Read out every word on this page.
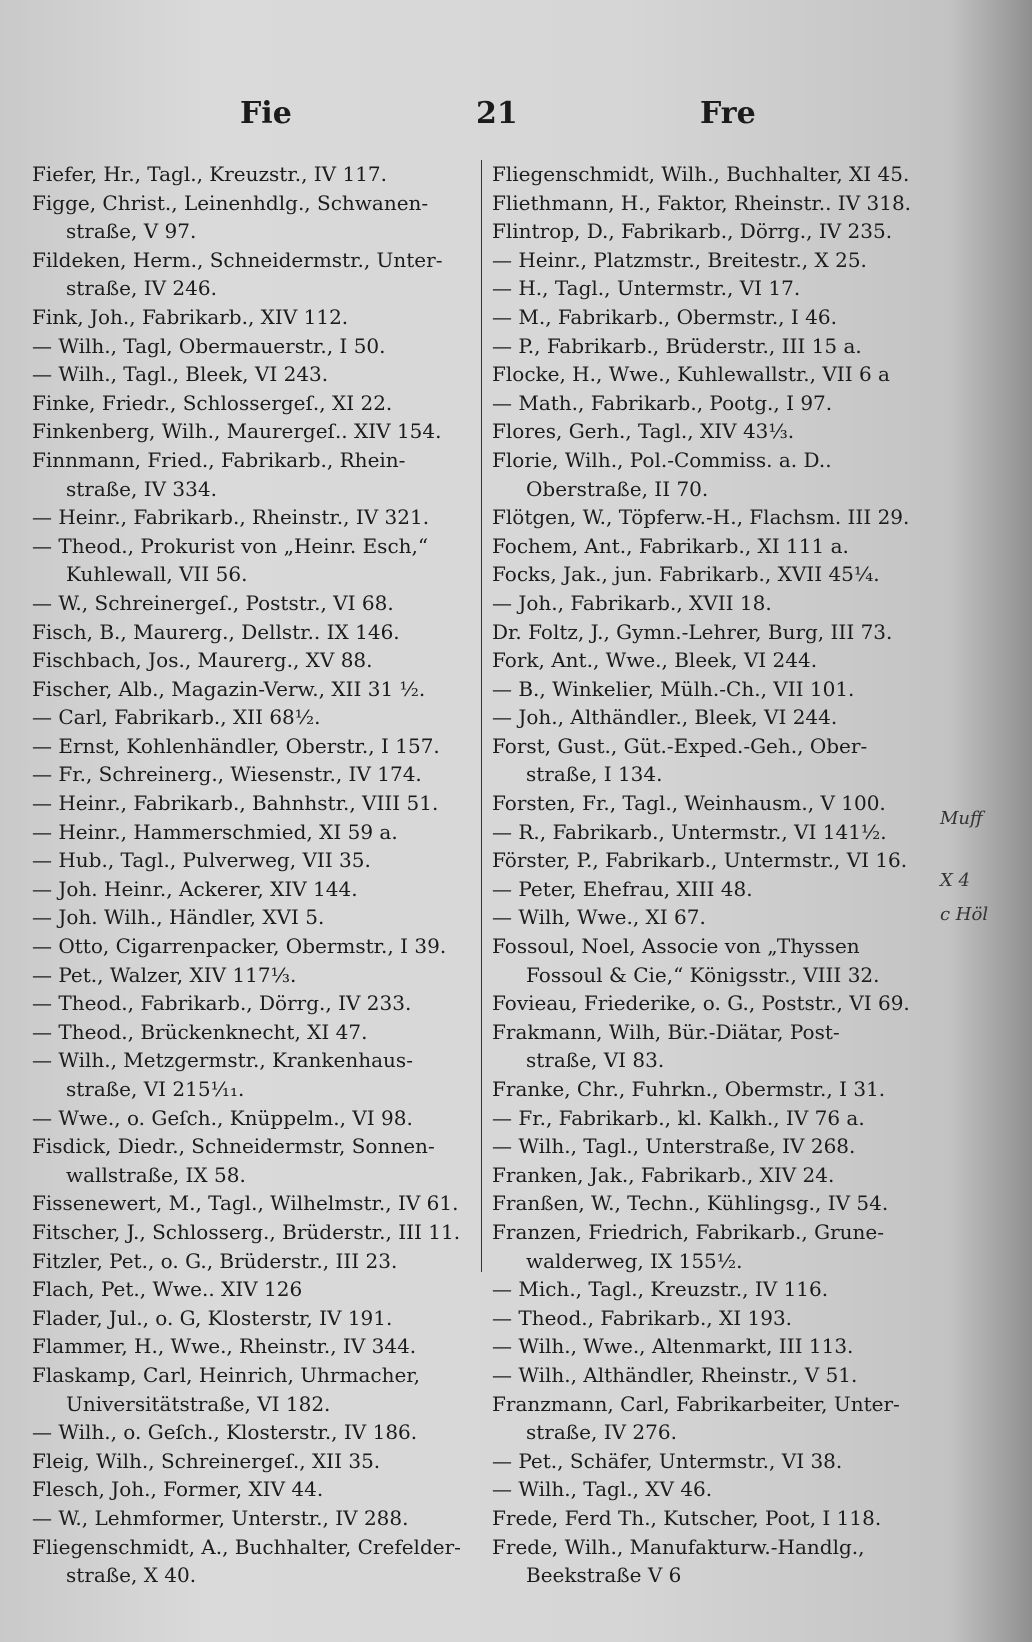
Fie	21	Fre
Fiefer, Hr., Tagl., Kreuzstr., IV 117.
Figge, Christ., Leinenhdlg., Schwanen-
straße, V 97.
Fildeken, Herm., Schneidermstr., Unter-
straße, IV 246.
Fink, Joh., Fabrikarb., XIV 112.
— Wilh., Tagl, Obermauerstr., I 50.
— Wilh., Tagl., Bleek, VI 243.
Finke, Friedr., Schlossergeſ., XI 22.
Finkenberg, Wilh., Maurergeſ.. XIV 154.
Finnmann, Fried., Fabrikarb., Rhein-
straße, IV 334.
— Heinr., Fabrikarb., Rheinstr., IV 321.
— Theod., Prokurist von „Heinr. Esch,“
Kuhlewall, VII 56.
— W., Schreinergeſ., Poststr., VI 68.
Fisch, B., Maurerg., Dellstr.. IX 146.
Fischbach, Jos., Maurerg., XV 88.
Fischer, Alb., Magazin-Verw., XII 31 ½.
— Carl, Fabrikarb., XII 68½.
— Ernst, Kohlenhändler, Oberstr., I 157.
— Fr., Schreinerg., Wiesenstr., IV 174.
— Heinr., Fabrikarb., Bahnhstr., VIII 51.
— Heinr., Hammerschmied, XI 59 a.
— Hub., Tagl., Pulverweg, VII 35.
— Joh. Heinr., Ackerer, XIV 144.
— Joh. Wilh., Händler, XVI 5.
— Otto, Cigarrenpacker, Obermstr., I 39.
— Pet., Walzer, XIV 117⅓.
— Theod., Fabrikarb., Dörrg., IV 233.
— Theod., Brückenknecht, XI 47.
— Wilh., Metzgermstr., Krankenhaus-
straße, VI 215¹⁄₁₁.
— Wwe., o. Geſch., Knüppelm., VI 98.
Fisdick, Diedr., Schneidermstr, Sonnen-
wallstraße, IX 58.
Fissenewert, M., Tagl., Wilhelmstr., IV 61.
Fitscher, J., Schlosserg., Brüderstr., III 11.
Fitzler, Pet., o. G., Brüderstr., III 23.
Flach, Pet., Wwe.. XIV 126
Flader, Jul., o. G, Klosterstr, IV 191.
Flammer, H., Wwe., Rheinstr., IV 344.
Flaskamp, Carl, Heinrich, Uhrmacher,
Universitätstraße, VI 182.
— Wilh., o. Geſch., Klosterstr., IV 186.
Fleig, Wilh., Schreinergeſ., XII 35.
Flesch, Joh., Former, XIV 44.
— W., Lehmformer, Unterstr., IV 288.
Fliegenschmidt, A., Buchhalter, Crefelder-
straße, X 40.
Fliegenschmidt, Wilh., Buchhalter, XI 45.
Fliethmann, H., Faktor, Rheinstr.. IV 318.
Flintrop, D., Fabrikarb., Dörrg., IV 235.
— Heinr., Platzmstr., Breitestr., X 25.
— H., Tagl., Untermstr., VI 17.
— M., Fabrikarb., Obermstr., I 46.
— P., Fabrikarb., Brüderstr., III 15 a.
Flocke, H., Wwe., Kuhlewallstr., VII 6 a
— Math., Fabrikarb., Pootg., I 97.
Flores, Gerh., Tagl., XIV 43⅓.
Florie, Wilh., Pol.-Commiss. a. D..
Oberstraße, II 70.
Flötgen, W., Töpferw.-H., Flachsm. III 29.
Fochem, Ant., Fabrikarb., XI 111 a.
Focks, Jak., jun. Fabrikarb., XVII 45¼.
— Joh., Fabrikarb., XVII 18.
Dr. Foltz, J., Gymn.-Lehrer, Burg, III 73.
Fork, Ant., Wwe., Bleek, VI 244.
— B., Winkelier, Mülh.-Ch., VII 101.
— Joh., Althändler., Bleek, VI 244.
Forst, Gust., Güt.-Exped.-Geh., Ober-
straße, I 134.
Forsten, Fr., Tagl., Weinhausm., V 100.
— R., Fabrikarb., Untermstr., VI 141½.
Förster, P., Fabrikarb., Untermstr., VI 16.
— Peter, Ehefrau, XIII 48.
— Wilh, Wwe., XI 67.
Fossoul, Noel, Associe von „Thyssen
Fossoul & Cie,“ Königsstr., VIII 32.
Fovieau, Friederike, o. G., Poststr., VI 69.
Frakmann, Wilh, Bür.-Diätar, Post-
straße, VI 83.
Franke, Chr., Fuhrkn., Obermstr., I 31.
— Fr., Fabrikarb., kl. Kalkh., IV 76 a.
— Wilh., Tagl., Unterstraße, IV 268.
Franken, Jak., Fabrikarb., XIV 24.
Franßen, W., Techn., Kühlingsg., IV 54.
Franzen, Friedrich, Fabrikarb., Grune-
walderweg, IX 155½.
— Mich., Tagl., Kreuzstr., IV 116.
— Theod., Fabrikarb., XI 193.
— Wilh., Wwe., Altenmarkt, III 113.
— Wilh., Althändler, Rheinstr., V 51.
Franzmann, Carl, Fabrikarbeiter, Unter-
straße, IV 276.
— Pet., Schäfer, Untermstr., VI 38.
— Wilh., Tagl., XV 46.
Frede, Ferd Th., Kutscher, Poot, I 118.
Frede, Wilh., Manufakturw.-Handlg.,
Beekstraße V 6
Muff
X 4
c Höl
